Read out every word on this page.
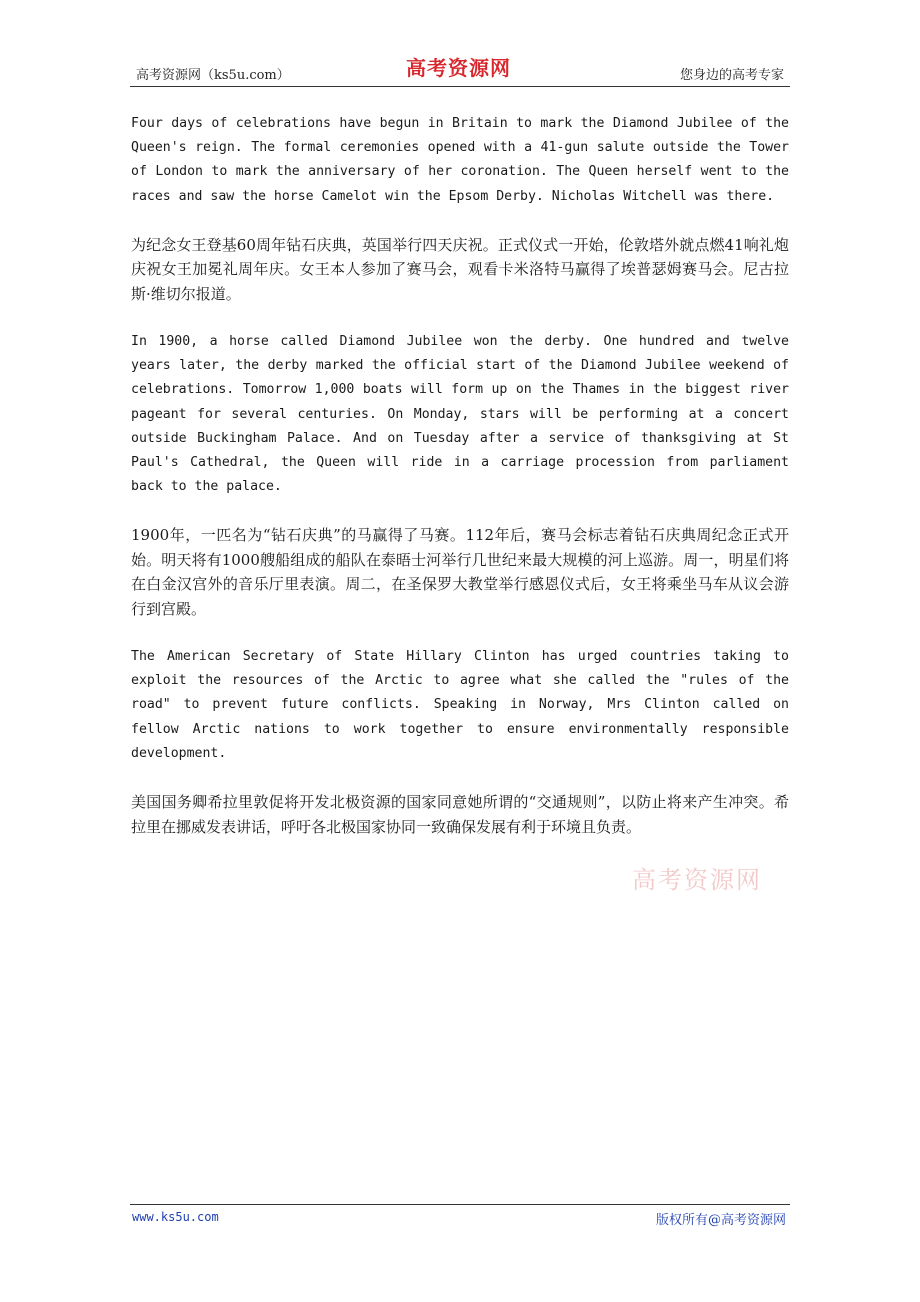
高考资源网（ks5u.com）	高考资源网	您身边的高考专家

Four days of celebrations have begun in Britain to mark the Diamond Jubilee of the Queen's reign. The formal ceremonies opened with a 41-gun salute outside the Tower of London to mark the anniversary of her coronation. The Queen herself went to the races and saw the horse Camelot win the Epsom Derby. Nicholas Witchell was there.

为纪念女王登基60周年钻石庆典，英国举行四天庆祝。正式仪式一开始，伦敦塔外就点燃41响礼炮庆祝女王加冕礼周年庆。女王本人参加了赛马会，观看卡米洛特马赢得了埃普瑟姆赛马会。尼古拉斯·维切尔报道。

In 1900, a horse called Diamond Jubilee won the derby. One hundred and twelve years later, the derby marked the official start of the Diamond Jubilee weekend of celebrations. Tomorrow 1,000 boats will form up on the Thames in the biggest river pageant for several centuries. On Monday, stars will be performing at a concert outside Buckingham Palace. And on Tuesday after a service of thanksgiving at St Paul's Cathedral, the Queen will ride in a carriage procession from parliament back to the palace.

1900年，一匹名为“钻石庆典”的马赢得了马赛。112年后，赛马会标志着钻石庆典周纪念正式开始。明天将有1000艘船组成的船队在泰晤士河举行几世纪来最大规模的河上巡游。周一，明星们将在白金汉宫外的音乐厅里表演。周二，在圣保罗大教堂举行感恩仪式后，女王将乘坐马车从议会游行到宫殿。

The American Secretary of State Hillary Clinton has urged countries taking to exploit the resources of the Arctic to agree what she called the "rules of the road" to prevent future conflicts. Speaking in Norway, Mrs Clinton called on fellow Arctic nations to work together to ensure environmentally responsible development.

美国国务卿希拉里敦促将开发北极资源的国家同意她所谓的“交通规则”，以防止将来产生冲突。希拉里在挪威发表讲话，呼吁各北极国家协同一致确保发展有利于环境且负责。

高考资源网
www.ks5u.com	版权所有@高考资源网
